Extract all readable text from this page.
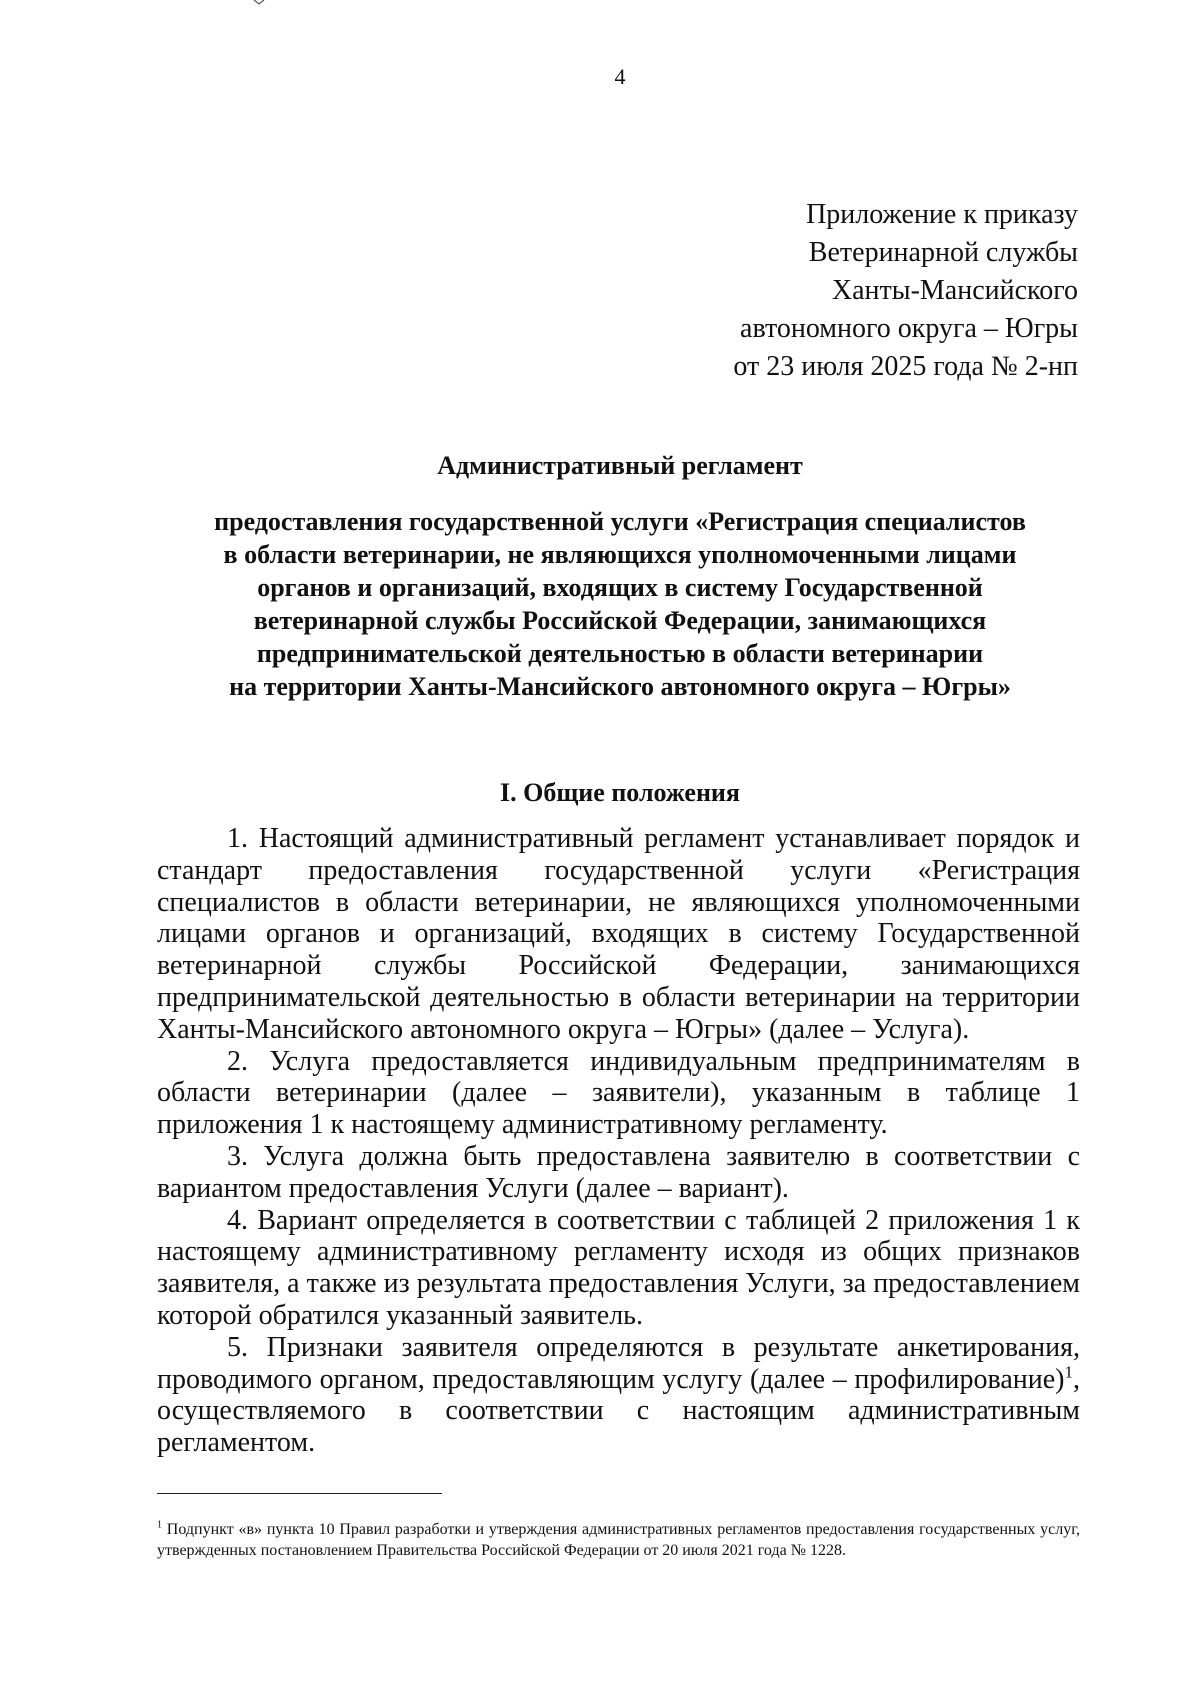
4
Приложение к приказу
Ветеринарной службы
Ханты-Мансийского
автономного округа – Югры
от 23 июля 2025 года № 2-нп
Административный регламент
предоставления государственной услуги «Регистрация специалистов
в области ветеринарии, не являющихся уполномоченными лицами
органов и организаций, входящих в систему Государственной
ветеринарной службы Российской Федерации, занимающихся
предпринимательской деятельностью в области ветеринарии
на территории Ханты-Мансийского автономного округа – Югры»
I. Общие положения

1. Настоящий административный регламент устанавливает порядок и стандарт предоставления государственной услуги «Регистрация специалистов в области ветеринарии, не являющихся уполномоченными лицами органов и организаций, входящих в систему Государственной ветеринарной службы Российской Федерации, занимающихся предпринимательской деятельностью в области ветеринарии на территории Ханты-Мансийского автономного округа – Югры» (далее – Услуга).

2. Услуга предоставляется индивидуальным предпринимателям в области ветеринарии (далее – заявители), указанным в таблице 1 приложения 1 к настоящему административному регламенту.

3. Услуга должна быть предоставлена заявителю в соответствии с вариантом предоставления Услуги (далее – вариант).

4. Вариант определяется в соответствии с таблицей 2 приложения 1 к настоящему административному регламенту исходя из общих признаков заявителя, а также из результата предоставления Услуги, за предоставлением которой обратился указанный заявитель.

5. Признаки заявителя определяются в результате анкетирования, проводимого органом, предоставляющим услугу (далее – профилирование)$^1$, осуществляемого в соответствии с настоящим административным регламентом.

$^1$ Подпункт «в» пункта 10 Правил разработки и утверждения административных регламентов предоставления государственных услуг, утвержденных постановлением Правительства Российской Федерации от 20 июля 2021 года № 1228.
